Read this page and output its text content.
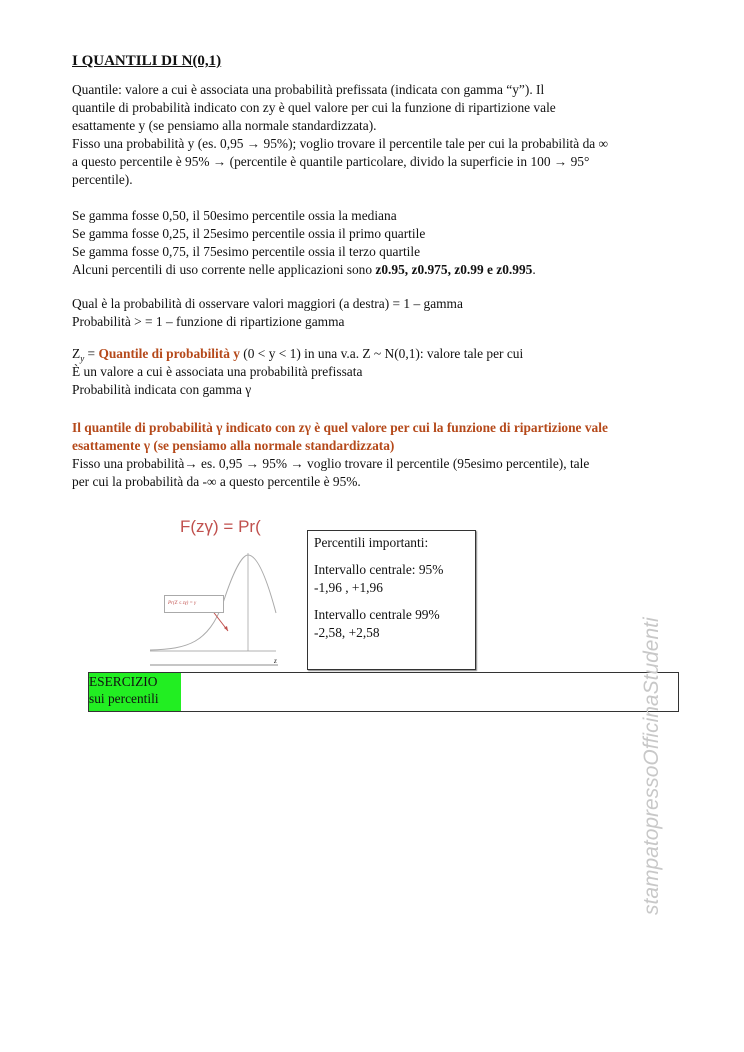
I QUANTILI DI N(0,1)
Quantile: valore a cui è associata una probabilità prefissata (indicata con gamma “y”). Il
quantile di probabilità indicato con zy è quel valore per cui la funzione di ripartizione vale
esattamente y (se pensiamo alla normale standardizzata).
Fisso una probabilità y (es. 0,95 → 95%); voglio trovare il percentile tale per cui la probabilità da ∞
a questo percentile è 95% → (percentile è quantile particolare, divido la superficie in 100 → 95°
percentile).
Se gamma fosse 0,50, il 50esimo percentile ossia la mediana
Se gamma fosse 0,25, il 25esimo percentile ossia il primo quartile
Se gamma fosse 0,75, il 75esimo percentile ossia il terzo quartile
Alcuni percentili di uso corrente nelle applicazioni sono z0.95, z0.975, z0.99 e z0.995.
Qual è la probabilità di osservare valori maggiori (a destra) = 1 – gamma
Probabilità > = 1 – funzione di ripartizione gamma
$Z_y$ = Quantile di probabilità y (0 < y < 1) in una v.a. Z ~ N(0,1): valore tale per cui
È un valore a cui è associata una probabilità prefissata
Probabilità indicata con gamma γ
Il quantile di probabilità γ indicato con zγ è quel valore per cui la funzione di ripartizione vale
esattamente γ (se pensiamo alla normale standardizzata)
Fisso una probabilità→ es. 0,95 → 95% → voglio trovare il percentile (95esimo percentile), tale
per cui la probabilità da -∞ a questo percentile è 95%.
F(zγ) = Pr(
Pr(Z ≤ zγ) = γ
z
Percentili importanti:
Intervallo centrale: 95%
-1,96 , +1,96
Intervallo centrale 99%
-2,58, +2,58
ESERCIZIO
sui percentili	stampatopressoOfficinaStudenti
